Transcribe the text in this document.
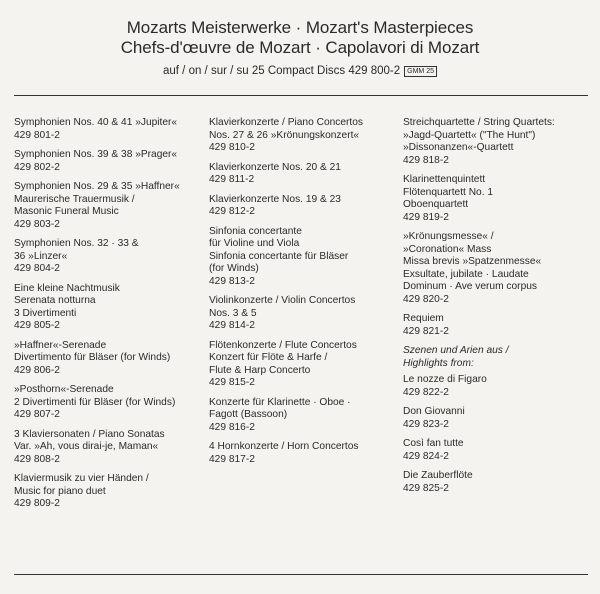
Mozarts Meisterwerke · Mozart's Masterpieces
Chefs-d'œuvre de Mozart · Capolavori di Mozart
auf / on / sur / su 25 Compact Discs 429 800-2 GMM 25
Symphonien Nos. 40 & 41 »Jupiter«
429 801-2
Symphonien Nos. 39 & 38 »Prager«
429 802-2
Symphonien Nos. 29 & 35 »Haffner«
Maurerische Trauermusik /
Masonic Funeral Music
429 803-2
Symphonien Nos. 32 · 33 &
36 »Linzer«
429 804-2
Eine kleine Nachtmusik
Serenata notturna
3 Divertimenti
429 805-2
»Haffner«-Serenade
Divertimento für Bläser (for Winds)
429 806-2
»Posthorn«-Serenade
2 Divertimenti für Bläser (for Winds)
429 807-2
3 Klaviersonaten / Piano Sonatas
Var. »Ah, vous dirai-je, Maman«
429 808-2
Klaviermusik zu vier Händen /
Music for piano duet
429 809-2
Klavierkonzerte / Piano Concertos
Nos. 27 & 26 »Krönungskonzert«
429 810-2
Klavierkonzerte Nos. 20 & 21
429 811-2
Klavierkonzerte Nos. 19 & 23
429 812-2
Sinfonia concertante
für Violine und Viola
Sinfonia concertante für Bläser
(for Winds)
429 813-2
Violinkonzerte / Violin Concertos
Nos. 3 & 5
429 814-2
Flötenkonzerte / Flute Concertos
Konzert für Flöte & Harfe /
Flute & Harp Concerto
429 815-2
Konzerte für Klarinette · Oboe ·
Fagott (Bassoon)
429 816-2
4 Hornkonzerte / Horn Concertos
429 817-2
Streichquartette / String Quartets:
»Jagd-Quartett« ("The Hunt")
»Dissonanzen«-Quartett
429 818-2
Klarinettenquintett
Flötenquartett No. 1
Oboenquartett
429 819-2
»Krönungsmesse« /
»Coronation« Mass
Missa brevis »Spatzenmesse«
Exsultate, jubilate · Laudate
Dominum · Ave verum corpus
429 820-2
Requiem
429 821-2
Szenen und Arien aus /
Highlights from:
Le nozze di Figaro
429 822-2
Don Giovanni
429 823-2
Così fan tutte
429 824-2
Die Zauberflöte
429 825-2
